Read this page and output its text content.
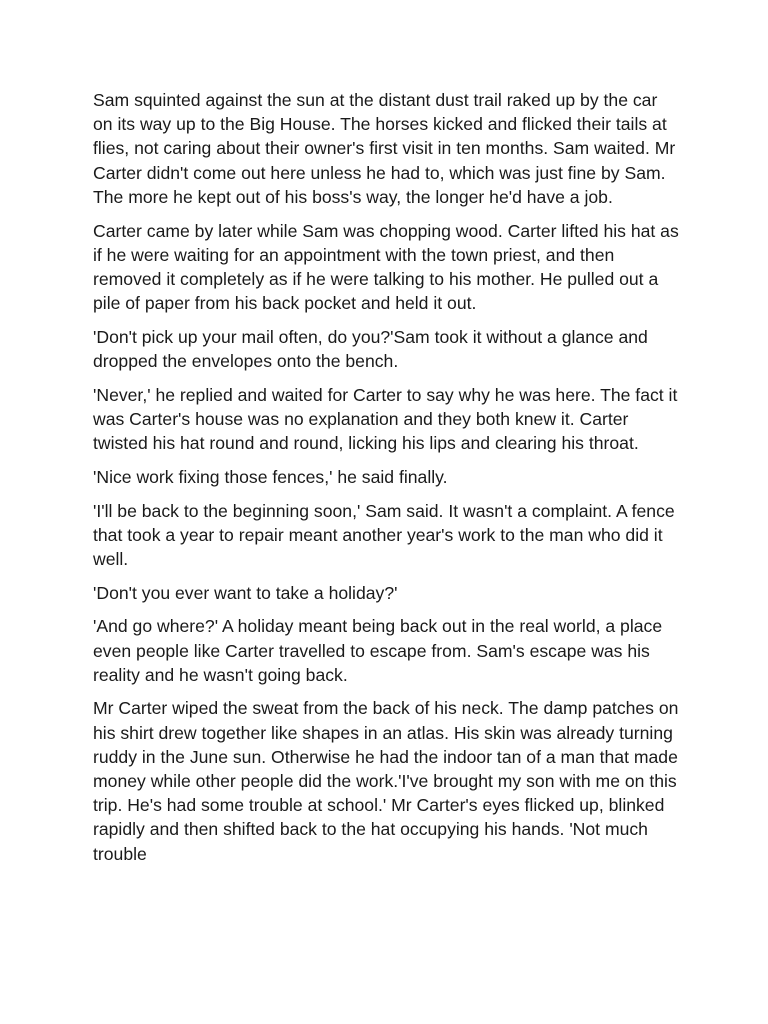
Sam squinted against the sun at the distant dust trail raked up by the car on its way up to the Big House. The horses kicked and flicked their tails at flies, not caring about their owner's first visit in ten months. Sam waited. Mr Carter didn't come out here unless he had to, which was just fine by Sam. The more he kept out of his boss's way, the longer he'd have a job.

Carter came by later while Sam was chopping wood. Carter lifted his hat as if he were waiting for an appointment with the town priest, and then removed it completely as if he were talking to his mother. He pulled out a pile of paper from his back pocket and held it out.

'Don't pick up your mail often, do you?'Sam took it without a glance and dropped the envelopes onto the bench.

'Never,' he replied and waited for Carter to say why he was here. The fact it was Carter's house was no explanation and they both knew it. Carter twisted his hat round and round, licking his lips and clearing his throat.

'Nice work fixing those fences,' he said finally.

'I'll be back to the beginning soon,' Sam said. It wasn't a complaint. A fence that took a year to repair meant another year's work to the man who did it well.

'Don't you ever want to take a holiday?'

'And go where?' A holiday meant being back out in the real world, a place even people like Carter travelled to escape from. Sam's escape was his reality and he wasn't going back.

Mr Carter wiped the sweat from the back of his neck. The damp patches on his shirt drew together like shapes in an atlas. His skin was already turning ruddy in the June sun. Otherwise he had the indoor tan of a man that made money while other people did the work.'I've brought my son with me on this trip. He's had some trouble at school.' Mr Carter's eyes flicked up, blinked rapidly and then shifted back to the hat occupying his hands. 'Not much trouble
